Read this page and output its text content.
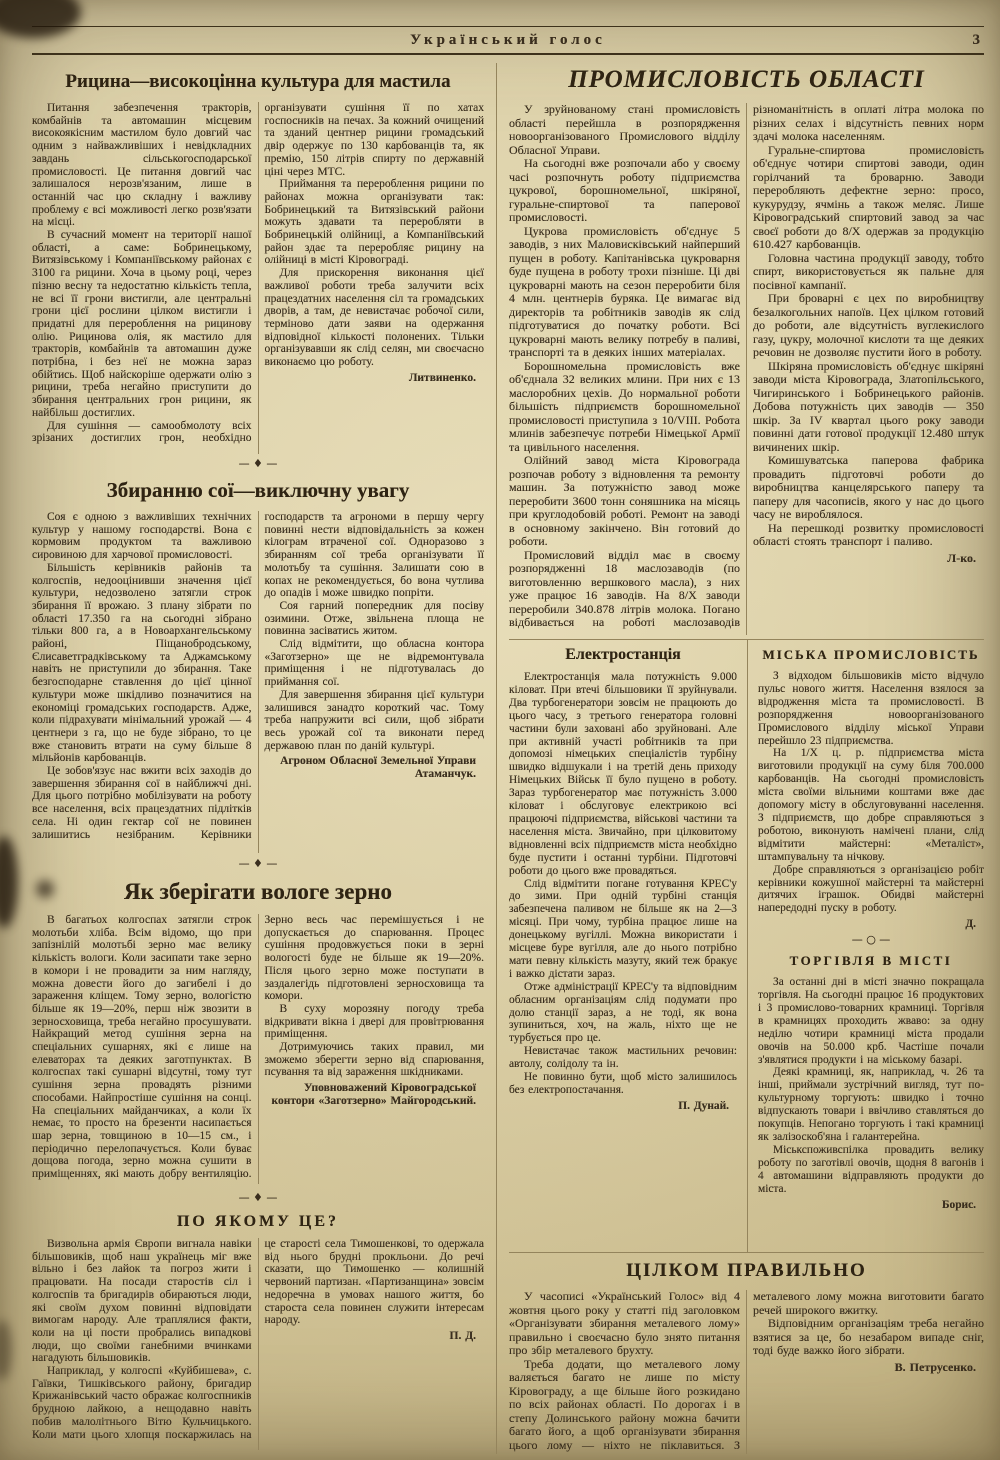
Український голос	3
Рицина—високоцінна культура для мастила

Питання забезпечення тракторів, комбайнів та автомашин місцевим високоякісним мастилом було довгий час одним з найважливіших і невідкладних завдань сільськогосподарської промисловості. Це питання довгий час залишалося нерозв'язаним, лише в останній час цю складну і важливу проблему є всі можливості легко розв'язати на місці.

В сучасний момент на території нашої області, а саме: Бобринецькому, Витязівському і Компаніївському районах є 3100 га рицини. Хоча в цьому році, через пізню весну та недостатню кількість тепла, не всі її грони вистигли, але центральні грони цієї рослини цілком вистигли і придатні для перероблення на рицинову олію. Рицинова олія, як мастило для тракторів, комбайнів та автомашин дуже потрібна, і без неї не можна зараз обійтись. Щоб найскоріше одержати олію з рицини, треба негайно приступити до збирання центральних грон рицини, як найбільш достиглих.

Для сушіння — самообмолоту всіх зрізаних достиглих грон, необхідно організувати сушіння її по хатах госпосників на печах. За кожний очищений та зданий центнер рицини громадський двір одержує по 130 карбованців та, як премію, 150 літрів спирту по державній ціні через МТС.

Приймання та перероблення рицини по районах можна організувати так: Бобринецький та Витязівський райони можуть здавати та переробляти в Бобринецькій олійниці, а Компаніївський район здає та переробляє рицину на олійниці в місті Кіровограді.

Для прискорення виконання цієї важливої роботи треба залучити всіх працездатних населення сіл та громадських дворів, а там, де невистачає робочої сили, терміново дати заяви на одержання відповідної кількості полонених. Тільки організувавши як слід селян, ми своєчасно виконаємо цю роботу.

Литвиненко.
— ♦ —
Збиранню сої—виключну увагу

Соя є одною з важливіших технічних культур у нашому господарстві. Вона є кормовим продуктом та важливою сировиною для харчової промисловості.

Більшість керівників районів та колгоспів, недооцінивши значення цієї культури, недозволено затягли строк збирання її врожаю. З плану зібрати по області 17.350 га на сьогодні зібрано тільки 800 га, а в Новоархангельському районі, Піщанобродському, Єлисаветградківському та Аджамському навіть не приступили до збирання. Таке безгосподарне ставлення до цієї цінної культури може шкідливо позначитися на економіці громадських господарств. Адже, коли підрахувати мінімальний урожай — 4 центнери з га, що не буде зібрано, то це вже становить втрати на суму більше 8 мільйонів карбованців.

Це зобов'язує нас вжити всіх заходів до завершення збирання сої в найближчі дні. Для цього потрібно мобілізувати на роботу все населення, всіх працездатних підлітків села. Ні один гектар сої не повинен залишитись незібраним. Керівники господарств та агрономи в першу чергу повинні нести відповідальність за кожен кілограм втраченої сої. Одноразово з збиранням сої треба організувати її молотьбу та сушіння. Залишати сою в копах не рекомендується, бо вона чутлива до опадів і може швидко попріти.

Соя гарний попередник для посіву озимини. Отже, звільнена площа не повинна засіватись житом.

Слід відмітити, що обласна контора «Заготзерно» ще не відремонтувала приміщення і не підготувалась до приймання сої.

Для завершення збирання цієї культури залишився занадто короткий час. Тому треба напружити всі сили, щоб зібрати весь урожай сої та виконати перед державою план по даній культурі.

Агроном Обласної Земельної Управи
Атаманчук.
— ♦ —
Як зберігати вологе зерно

В багатьох колгоспах затягли строк молотьби хліба. Всім відомо, що при запізнілій молотьбі зерно має велику кількість вологи. Коли засипати таке зерно в комори і не провадити за ним нагляду, можна довести його до загибелі і до зараження кліщем. Тому зерно, вологістю більше як 19—20%, перш ніж звозити в зерносховища, треба негайно просушувати. Найкращий метод сушіння зерна на спеціальних сушарнях, які є лише на елеваторах та деяких заготпунктах. В колгоспах такі сушарні відсутні, тому тут сушіння зерна провадять різними способами. Найпростіше сушіння на сонці. На спеціальних майданчиках, а коли їх немає, то просто на брезенти насипається шар зерна, товщиною в 10—15 см., і періодично перелопачується. Коли буває дощова погода, зерно можна сушити в приміщеннях, які мають добру вентиляцію. Зерно весь час перемішується і не допускається до спарювання. Процес сушіння продовжується поки в зерні вологості буде не більше як 19—20%. Після цього зерно може поступати в заздалегідь підготовлені зерносховища та комори.

В суху морозяну погоду треба відкривати вікна і двері для провітрювання приміщення.

Дотримуючись таких правил, ми зможемо зберегти зерно від спарювання, псування та від зараження шкідниками.

Уповноважений Кіровоградської контори «Заготзерно» Майгородський.
— ♦ —
ПО ЯКОМУ ЦЕ?

Визвольна армія Європи вигнала навіки більшовиків, щоб наш українець міг вже вільно і без лайок та погроз жити і працювати. На посади старостів сіл і колгоспів та бригадирів обираються люди, які своїм духом повинні відповідати вимогам народу. Але траплялися факти, коли на ці пости пробрались випадкові люди, що своїми ганебними вчинками нагадують більшовиків.

Наприклад, у колгоспі «Куйбишева», с. Гаївки, Тишківського району, бригадир Крижанівський часто ображає колгоспників брудною лайкою, а нещодавно навіть побив малолітнього Вітю Кульчицького. Коли мати цього хлопця поскаржилась на це старості села Тимошенкові, то одержала від нього брудні прокльони. До речі сказати, що Тимошенко — колишній червоний партизан. «Партизанщина» зовсім недоречна в умовах нашого життя, бо староста села повинен служити інтересам народу.

П. Д.
ПРОМИСЛОВІСТЬ ОБЛАСТІ

У зруйнованому стані промисловість області перейшла в розпорядження новоорганізованого Промислового відділу Обласної Управи.

На сьогодні вже розпочали або у своєму часі розпочнуть роботу підприємства цукрової, борошномельної, шкіряної, гуральне-спиртової та паперової промисловості.

Цукрова промисловість об'єднує 5 заводів, з них Маловисківський найперший пущен в роботу. Капітанівська цукроварня буде пущена в роботу трохи пізніше. Ці дві цукроварні мають на сезон переробити біля 4 млн. центнерів буряка. Це вимагає від директорів та робітників заводів як слід підготуватися до початку роботи. Всі цукроварні мають велику потребу в паливі, транспорті та в деяких інших матеріалах.

Борошномельна промисловість вже об'єднала 32 великих млини. При них є 13 маслоробних цехів. До нормальної роботи більшість підприємств борошномельної промисловості приступила з 10/VIII. Робота млинів забезпечує потреби Німецької Армії та цивільного населення.

Олійний завод міста Кіровограда розпочав роботу з відновлення та ремонту машин. За потужністю завод може переробити 3600 тонн соняшника на місяць при круглодобовій роботі. Ремонт на заводі в основному закінчено. Він готовий до роботи.

Промисловий відділ має в своєму розпорядженні 18 маслозаводів (по виготовленню вершкового масла), з них уже працює 16 заводів. На 8/X заводи переробили 340.878 літрів молока. Погано відбивається на роботі маслозаводів різноманітність в оплаті літра молока по різних селах і відсутність певних норм здачі молока населенням.

Гуральне-спиртова промисловість об'єднує чотири спиртові заводи, один горілчаний та броварню. Заводи переробляють дефектне зерно: просо, кукурудзу, ячмінь а також меляс. Лише Кіровоградський спиртовий завод за час своєї роботи до 8/X одержав за продукцію 610.427 карбованців.

Головна частина продукції заводу, тобто спирт, використовується як пальне для посівної кампанії.

При броварні є цех по виробництву безалкогольних напоїв. Цех цілком готовий до роботи, але відсутність вуглекислого газу, цукру, молочної кислоти та ще деяких речовин не дозволяє пустити його в роботу.

Шкіряна промисловість об'єднує шкіряні заводи міста Кіровограда, Златопільського, Чигиринського і Бобринецького районів. Добова потужність цих заводів — 350 шкір. За IV квартал цього року заводи повинні дати готової продукції 12.480 штук вичинених шкір.

Комишуватська паперова фабрика провадить підготовчі роботи до виробництва канцелярського паперу та паперу для часописів, якого у нас до цього часу не вироблялося.

На перешкоді розвитку промисловості області стоять транспорт і паливо.

Л-ко.
Електростанція

Електростанція мала потужність 9.000 кіловат. При втечі більшовики її зруйнували. Два турбогенератори зовсім не працюють до цього часу, з третього генератора головні частини були заховані або зруйновані. Але при активній участі робітників та при допомозі німецьких спеціалістів турбіну швидко відшукали і на третій день приходу Німецьких Військ її було пущено в роботу. Зараз турбогенератор має потужність 3.000 кіловат і обслуговує електрикою всі працюючі підприємства, військові частини та населення міста. Звичайно, при цілковитому відновленні всіх підприємств міста необхідно буде пустити і останні турбіни. Підготовчі роботи до цього вже провадяться.

Слід відмітити погане готування КРЕС'у до зими. При одній турбіні станція забезпечена паливом не більше як на 2—3 місяці. При чому, турбіна працює лише на донецькому вугіллі. Можна використати і місцеве буре вугілля, але до нього потрібно мати певну кількість мазуту, який теж бракує і важко дістати зараз.

Отже адміністрації КРЕС'у та відповідним обласним організаціям слід подумати про долю станції зараз, а не тоді, як вона зупиниться, хоч, на жаль, ніхто ще не турбується про це.

Невистачає також мастильних речовин: автолу, солідолу та ін.

Не повинно бути, щоб місто залишилось без електропостачання.

П. Дунай.
МІСЬКА ПРОМИСЛОВІСТЬ

З відходом більшовиків місто відчуло пульс нового життя. Населення взялося за відродження міста та промисловості. В розпорядження новоорганізованого Промислового відділу міської Управи перейшло 23 підприємства.

На 1/X ц. р. підприємства міста виготовили продукції на суму біля 700.000 карбованців. На сьогодні промисловість міста своїми вільними коштами вже дає допомогу місту в обслуговуванні населення. З підприємств, що добре справляються з роботою, виконують намічені плани, слід відмітити майстерні: «Металіст», штампувальну та нічкову.

Добре справляються з організацією робіт керівники кожушної майстерні та майстерні дитячих іграшок. Обидві майстерні напередодні пуску в роботу.

Д.
— ○ —
ТОРГІВЛЯ В МІСТІ

За останні дні в місті значно покращала торгівля. На сьогодні працює 16 продуктових і 3 промислово-товарних крамниці. Торгівля в крамницях проходить жваво: за одну неділю чотири крамниці міста продали овочів на 50.000 крб. Частіше почали з'являтися продукти і на міському базарі.

Деякі крамниці, як, наприклад, ч. 26 та інші, приймали зустрічний вигляд, тут по-культурному торгують: швидко і точно відпускають товари і ввічливо ставляться до покупців. Непогано торгують і такі крамниці як залізоскоб'яна і галантерейна.

Міськспоживспілка провадить велику роботу по заготівлі овочів, щодня 8 вагонів і 4 автомашини відправляють продукти до міста.

Борис.
ЦІЛКОМ ПРАВИЛЬНО

У часописі «Український Голос» від 4 жовтня цього року у статті під заголовком «Організувати збирання металевого лому» правильно і своєчасно було знято питання про збір металевого брухту.

Треба додати, що металевого лому валяється багато не лише по місту Кіровограду, а ще більше його розкидано по всіх районах області. По дорогах і в степу Долинського району можна бачити багато його, а щоб організувати збирання цього лому — ніхто не піклавиться. З металевого лому можна виготовити багато речей широкого вжитку.

Відповідним організаціям треба негайно взятися за це, бо незабаром випаде сніг, тоді буде важко його зібрати.

В. Петрусенко.
